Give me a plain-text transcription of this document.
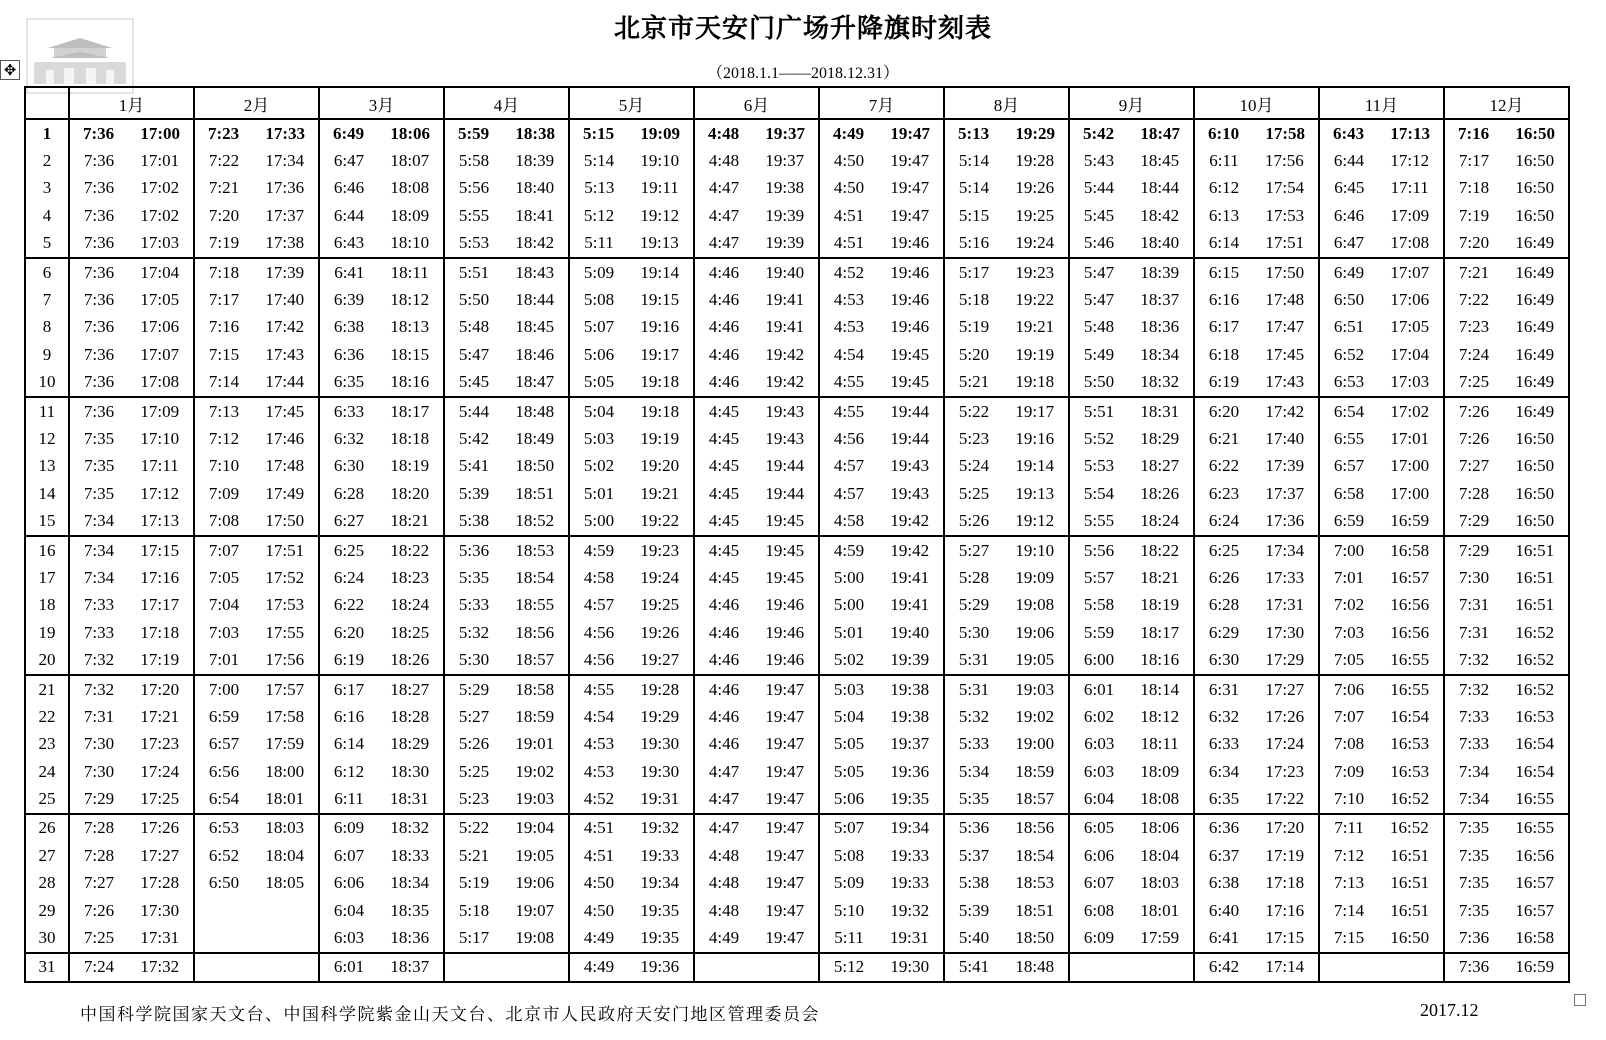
北京市天安门广场升降旗时刻表
✥	（2018.1.1——2018.12.31）
	1月	2月	3月	4月	5月	6月	7月	8月	9月	10月	11月	12月
1	7:36 17:00	7:23 17:33	6:49 18:06	5:59 18:38	5:15 19:09	4:48 19:37	4:49 19:47	5:13 19:29	5:42 18:47	6:10 17:58	6:43 17:13	7:16 16:50
2	7:36 17:01	7:22 17:34	6:47 18:07	5:58 18:39	5:14 19:10	4:48 19:37	4:50 19:47	5:14 19:28	5:43 18:45	6:11 17:56	6:44 17:12	7:17 16:50
3	7:36 17:02	7:21 17:36	6:46 18:08	5:56 18:40	5:13 19:11	4:47 19:38	4:50 19:47	5:14 19:26	5:44 18:44	6:12 17:54	6:45 17:11	7:18 16:50
4	7:36 17:02	7:20 17:37	6:44 18:09	5:55 18:41	5:12 19:12	4:47 19:39	4:51 19:47	5:15 19:25	5:45 18:42	6:13 17:53	6:46 17:09	7:19 16:50
5	7:36 17:03	7:19 17:38	6:43 18:10	5:53 18:42	5:11 19:13	4:47 19:39	4:51 19:46	5:16 19:24	5:46 18:40	6:14 17:51	6:47 17:08	7:20 16:49
6	7:36 17:04	7:18 17:39	6:41 18:11	5:51 18:43	5:09 19:14	4:46 19:40	4:52 19:46	5:17 19:23	5:47 18:39	6:15 17:50	6:49 17:07	7:21 16:49
7	7:36 17:05	7:17 17:40	6:39 18:12	5:50 18:44	5:08 19:15	4:46 19:41	4:53 19:46	5:18 19:22	5:47 18:37	6:16 17:48	6:50 17:06	7:22 16:49
8	7:36 17:06	7:16 17:42	6:38 18:13	5:48 18:45	5:07 19:16	4:46 19:41	4:53 19:46	5:19 19:21	5:48 18:36	6:17 17:47	6:51 17:05	7:23 16:49
9	7:36 17:07	7:15 17:43	6:36 18:15	5:47 18:46	5:06 19:17	4:46 19:42	4:54 19:45	5:20 19:19	5:49 18:34	6:18 17:45	6:52 17:04	7:24 16:49
10	7:36 17:08	7:14 17:44	6:35 18:16	5:45 18:47	5:05 19:18	4:46 19:42	4:55 19:45	5:21 19:18	5:50 18:32	6:19 17:43	6:53 17:03	7:25 16:49
11	7:36 17:09	7:13 17:45	6:33 18:17	5:44 18:48	5:04 19:18	4:45 19:43	4:55 19:44	5:22 19:17	5:51 18:31	6:20 17:42	6:54 17:02	7:26 16:49
12	7:35 17:10	7:12 17:46	6:32 18:18	5:42 18:49	5:03 19:19	4:45 19:43	4:56 19:44	5:23 19:16	5:52 18:29	6:21 17:40	6:55 17:01	7:26 16:50
13	7:35 17:11	7:10 17:48	6:30 18:19	5:41 18:50	5:02 19:20	4:45 19:44	4:57 19:43	5:24 19:14	5:53 18:27	6:22 17:39	6:57 17:00	7:27 16:50
14	7:35 17:12	7:09 17:49	6:28 18:20	5:39 18:51	5:01 19:21	4:45 19:44	4:57 19:43	5:25 19:13	5:54 18:26	6:23 17:37	6:58 17:00	7:28 16:50
15	7:34 17:13	7:08 17:50	6:27 18:21	5:38 18:52	5:00 19:22	4:45 19:45	4:58 19:42	5:26 19:12	5:55 18:24	6:24 17:36	6:59 16:59	7:29 16:50
16	7:34 17:15	7:07 17:51	6:25 18:22	5:36 18:53	4:59 19:23	4:45 19:45	4:59 19:42	5:27 19:10	5:56 18:22	6:25 17:34	7:00 16:58	7:29 16:51
17	7:34 17:16	7:05 17:52	6:24 18:23	5:35 18:54	4:58 19:24	4:45 19:45	5:00 19:41	5:28 19:09	5:57 18:21	6:26 17:33	7:01 16:57	7:30 16:51
18	7:33 17:17	7:04 17:53	6:22 18:24	5:33 18:55	4:57 19:25	4:46 19:46	5:00 19:41	5:29 19:08	5:58 18:19	6:28 17:31	7:02 16:56	7:31 16:51
19	7:33 17:18	7:03 17:55	6:20 18:25	5:32 18:56	4:56 19:26	4:46 19:46	5:01 19:40	5:30 19:06	5:59 18:17	6:29 17:30	7:03 16:56	7:31 16:52
20	7:32 17:19	7:01 17:56	6:19 18:26	5:30 18:57	4:56 19:27	4:46 19:46	5:02 19:39	5:31 19:05	6:00 18:16	6:30 17:29	7:05 16:55	7:32 16:52
21	7:32 17:20	7:00 17:57	6:17 18:27	5:29 18:58	4:55 19:28	4:46 19:47	5:03 19:38	5:31 19:03	6:01 18:14	6:31 17:27	7:06 16:55	7:32 16:52
22	7:31 17:21	6:59 17:58	6:16 18:28	5:27 18:59	4:54 19:29	4:46 19:47	5:04 19:38	5:32 19:02	6:02 18:12	6:32 17:26	7:07 16:54	7:33 16:53
23	7:30 17:23	6:57 17:59	6:14 18:29	5:26 19:01	4:53 19:30	4:46 19:47	5:05 19:37	5:33 19:00	6:03 18:11	6:33 17:24	7:08 16:53	7:33 16:54
24	7:30 17:24	6:56 18:00	6:12 18:30	5:25 19:02	4:53 19:30	4:47 19:47	5:05 19:36	5:34 18:59	6:03 18:09	6:34 17:23	7:09 16:53	7:34 16:54
25	7:29 17:25	6:54 18:01	6:11 18:31	5:23 19:03	4:52 19:31	4:47 19:47	5:06 19:35	5:35 18:57	6:04 18:08	6:35 17:22	7:10 16:52	7:34 16:55
26	7:28 17:26	6:53 18:03	6:09 18:32	5:22 19:04	4:51 19:32	4:47 19:47	5:07 19:34	5:36 18:56	6:05 18:06	6:36 17:20	7:11 16:52	7:35 16:55
27	7:28 17:27	6:52 18:04	6:07 18:33	5:21 19:05	4:51 19:33	4:48 19:47	5:08 19:33	5:37 18:54	6:06 18:04	6:37 17:19	7:12 16:51	7:35 16:56
28	7:27 17:28	6:50 18:05	6:06 18:34	5:19 19:06	4:50 19:34	4:48 19:47	5:09 19:33	5:38 18:53	6:07 18:03	6:38 17:18	7:13 16:51	7:35 16:57
29	7:26 17:30		6:04 18:35	5:18 19:07	4:50 19:35	4:48 19:47	5:10 19:32	5:39 18:51	6:08 18:01	6:40 17:16	7:14 16:51	7:35 16:57
30	7:25 17:31		6:03 18:36	5:17 19:08	4:49 19:35	4:49 19:47	5:11 19:31	5:40 18:50	6:09 17:59	6:41 17:15	7:15 16:50	7:36 16:58
31	7:24 17:32		6:01 18:37		4:49 19:36		5:12 19:30	5:41 18:48		6:42 17:14		7:36 16:59
中国科学院国家天文台、中国科学院紫金山天文台、北京市人民政府天安门地区管理委员会	2017.12
